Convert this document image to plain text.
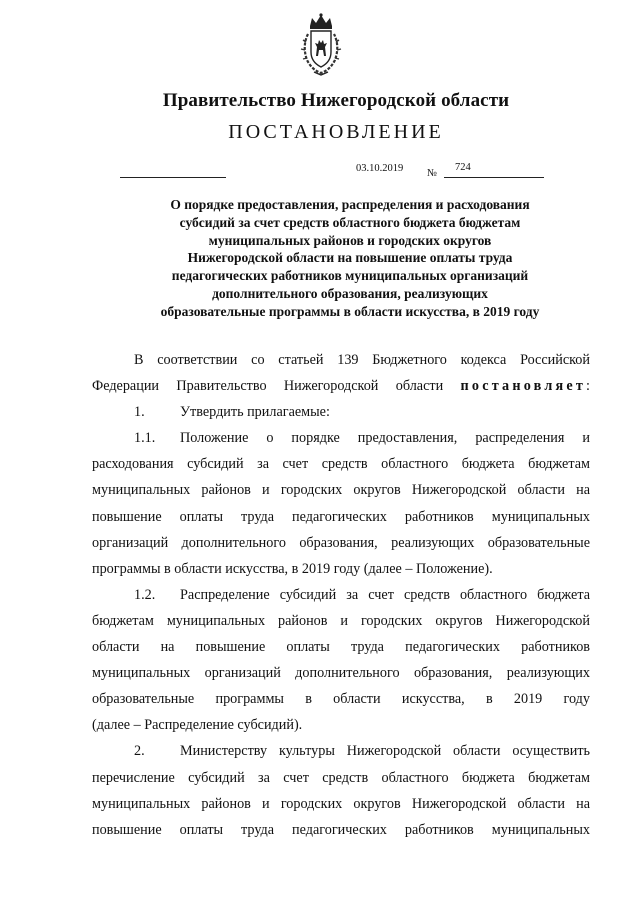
Правительство Нижегородской области
ПОСТАНОВЛЕНИЕ
03.10.2019 №
724
О порядке предоставления, распределения и расходования
субсидий за счет средств областного бюджета бюджетам
муниципальных районов и городских округов
Нижегородской области на повышение оплаты труда
педагогических работников муниципальных организаций
дополнительного образования, реализующих
образовательные программы в области искусства, в 2019 году
В соответствии со статьей 139 Бюджетного кодекса Российской
Федерации Правительство Нижегородской области постановляет:
1. Утвердить прилагаемые:
1.1. Положение о порядке предоставления, распределения и
расходования субсидий за счет средств областного бюджета бюджетам
муниципальных районов и городских округов Нижегородской области на
повышение оплаты труда педагогических работников муниципальных
организаций дополнительного образования, реализующих образовательные
программы в области искусства, в 2019 году (далее – Положение).
1.2. Распределение субсидий за счет средств областного бюджета
бюджетам муниципальных районов и городских округов Нижегородской
области на повышение оплаты труда педагогических работников
муниципальных организаций дополнительного образования, реализующих
образовательные программы в области искусства, в 2019 году
(далее – Распределение субсидий).
2. Министерству культуры Нижегородской области осуществить
перечисление субсидий за счет средств областного бюджета бюджетам
муниципальных районов и городских округов Нижегородской области на
повышение оплаты труда педагогических работников муниципальных
